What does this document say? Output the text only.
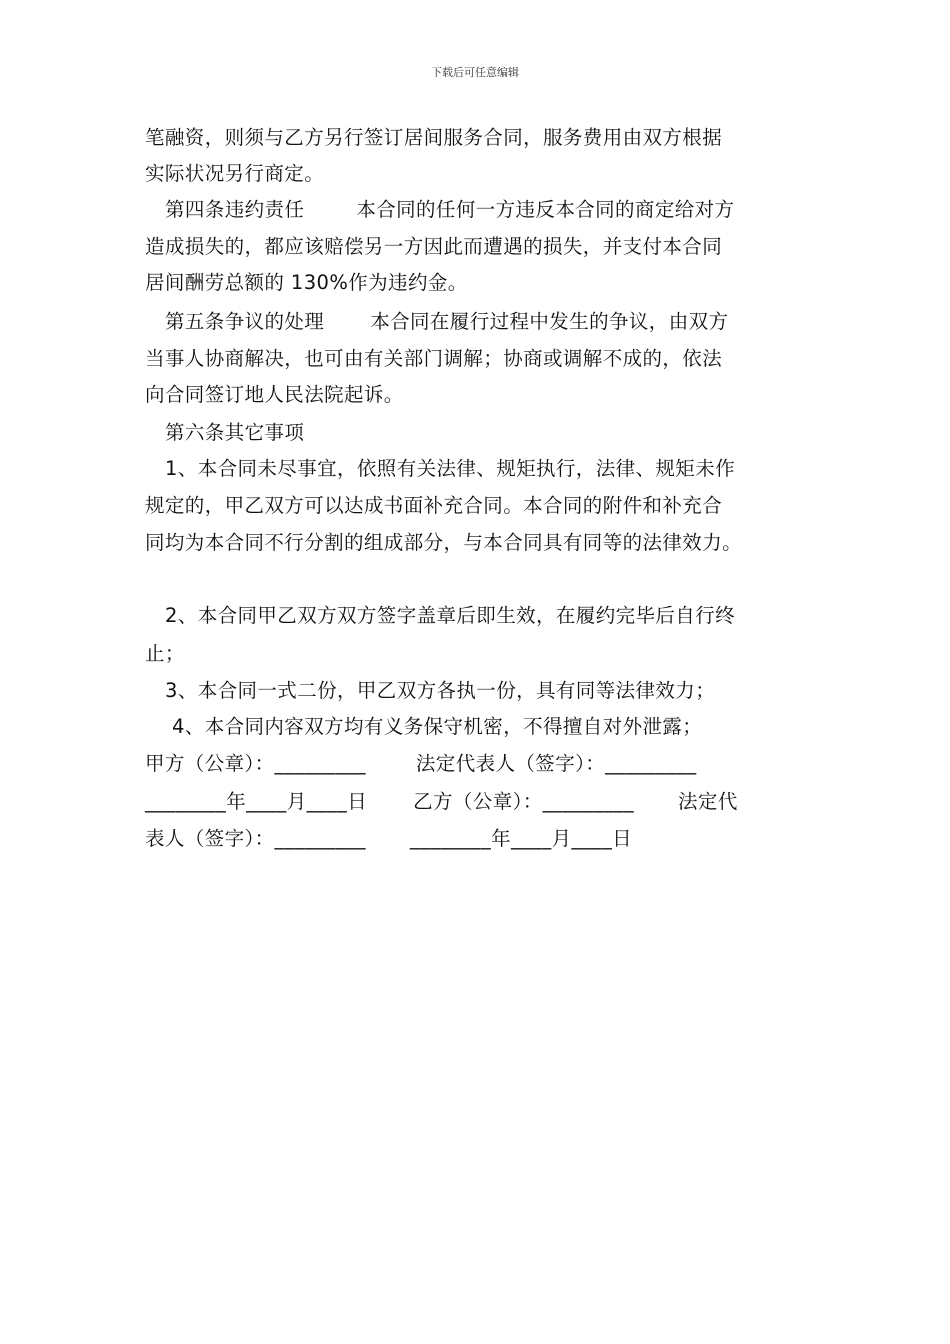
下载后可任意编辑
笔融资，则须与乙方另行签订居间服务合同，服务费用由双方根据
实际状况另行商定。
第四条违约责任	本合同的任何一方违反本合同的商定给对方
造成损失的，都应该赔偿另一方因此而遭遇的损失，并支付本合同
居间酬劳总额的 130%作为违约金。
第五条争议的处理 本合同在履行过程中发生的争议，由双方
当事人协商解决，也可由有关部门调解；协商或调解不成的，依法
向合同签订地人民法院起诉。
第六条其它事项
1、本合同未尽事宜，依照有关法律、规矩执行，法律、规矩未作
规定的，甲乙双方可以达成书面补充合同。本合同的附件和补充合
同均为本合同不行分割的组成部分，与本合同具有同等的法律效力。
2、本合同甲乙双方双方签字盖章后即生效，在履约完毕后自行终
止；
3、本合同一式二份，甲乙双方各执一份，具有同等法律效力；
4、本合同内容双方均有义务保守机密，不得擅自对外泄露；
甲方（公章）：_________	法定代表人（签字）：_________
________年____月____日 乙方（公章）：_________ 法定代
表人（签字）：_________ ________年____月____日
